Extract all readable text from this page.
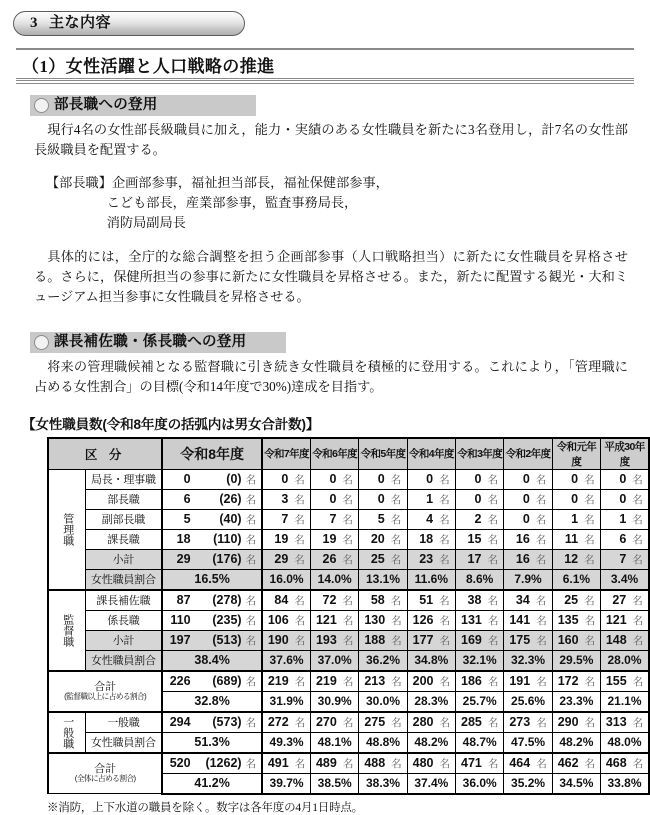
3 主な内容
（1）女性活躍と人口戦略の推進
部長職への登用

現行4名の女性部長級職員に加え，能力・実績のある女性職員を新たに3名登用し，計7名の女性部長級職員を配置する。

【部長職】企画部参事，福祉担当部長，福祉保健部参事，
こども部長，産業部参事，監査事務局長，
消防局副局長

具体的には，全庁的な総合調整を担う企画部参事（人口戦略担当）に新たに女性職員を昇格させる。さらに，保健所担当の参事に新たに女性職員を昇格させる。また，新たに配置する観光・大和ミュージアム担当参事に女性職員を昇格させる。

課長補佐職・係長職への登用

将来の管理職候補となる監督職に引き続き女性職員を積極的に登用する。これにより，「管理職に占める女性割合」の目標(令和14年度で30%)達成を目指す。

【女性職員数(令和8年度の括弧内は男女合計数)】
区 分		令和8年度	令和7年度	令和6年度	令和5年度	令和4年度	令和3年度	令和2年度	令和元年度	平成30年度
管理職	局長・理事職	0 (0) 名	0 名	0 名	0 名	0 名	0 名	0 名	0 名	0 名

	部長職	6 (26) 名	3 名	0 名	0 名	1 名	0 名	0 名	0 名	0 名

	副部長職	5 (40) 名	7 名	7 名	5 名	4 名	2 名	0 名	1 名	1 名

	課長職	18 (110) 名	19 名	19 名	20 名	18 名	15 名	16 名	11 名	6 名

	小計	29 (176) 名	29 名	26 名	25 名	23 名	17 名	16 名	12 名	7 名

	女性職員割合	16.5%	16.0%	14.0%	13.1%	11.6%	8.6%	7.9%	6.1%	3.4%
監督職	課長補佐職	87 (278) 名	84 名	72 名	58 名	51 名	38 名	34 名	25 名	27 名

	係長職	110 (235) 名	106 名	121 名	130 名	126 名	131 名	141 名	135 名	121 名

	小計	197 (513) 名	190 名	193 名	188 名	177 名	169 名	175 名	160 名	148 名

	女性職員割合	38.4%	37.6%	37.0%	36.2%	34.8%	32.1%	32.3%	29.5%	28.0%

合計
(監督職以上に占める割合)		226 (689) 名	219 名	219 名	213 名	200 名	186 名	191 名	172 名	155 名

		32.8%	31.9%	30.9%	30.0%	28.3%	25.7%	25.6%	23.3%	21.1%
一般職	一般職	294 (573) 名	272 名	270 名	275 名	280 名	285 名	273 名	290 名	313 名

	女性職員割合	51.3%	49.3%	48.1%	48.8%	48.2%	48.7%	47.5%	48.2%	48.0%

合計
(全体に占める割合)		520 (1262) 名	491 名	489 名	488 名	480 名	471 名	464 名	462 名	468 名

		41.2%	39.7%	38.5%	38.3%	37.4%	36.0%	35.2%	34.5%	33.8%
※消防，上下水道の職員を除く。数字は各年度の4月1日時点。
